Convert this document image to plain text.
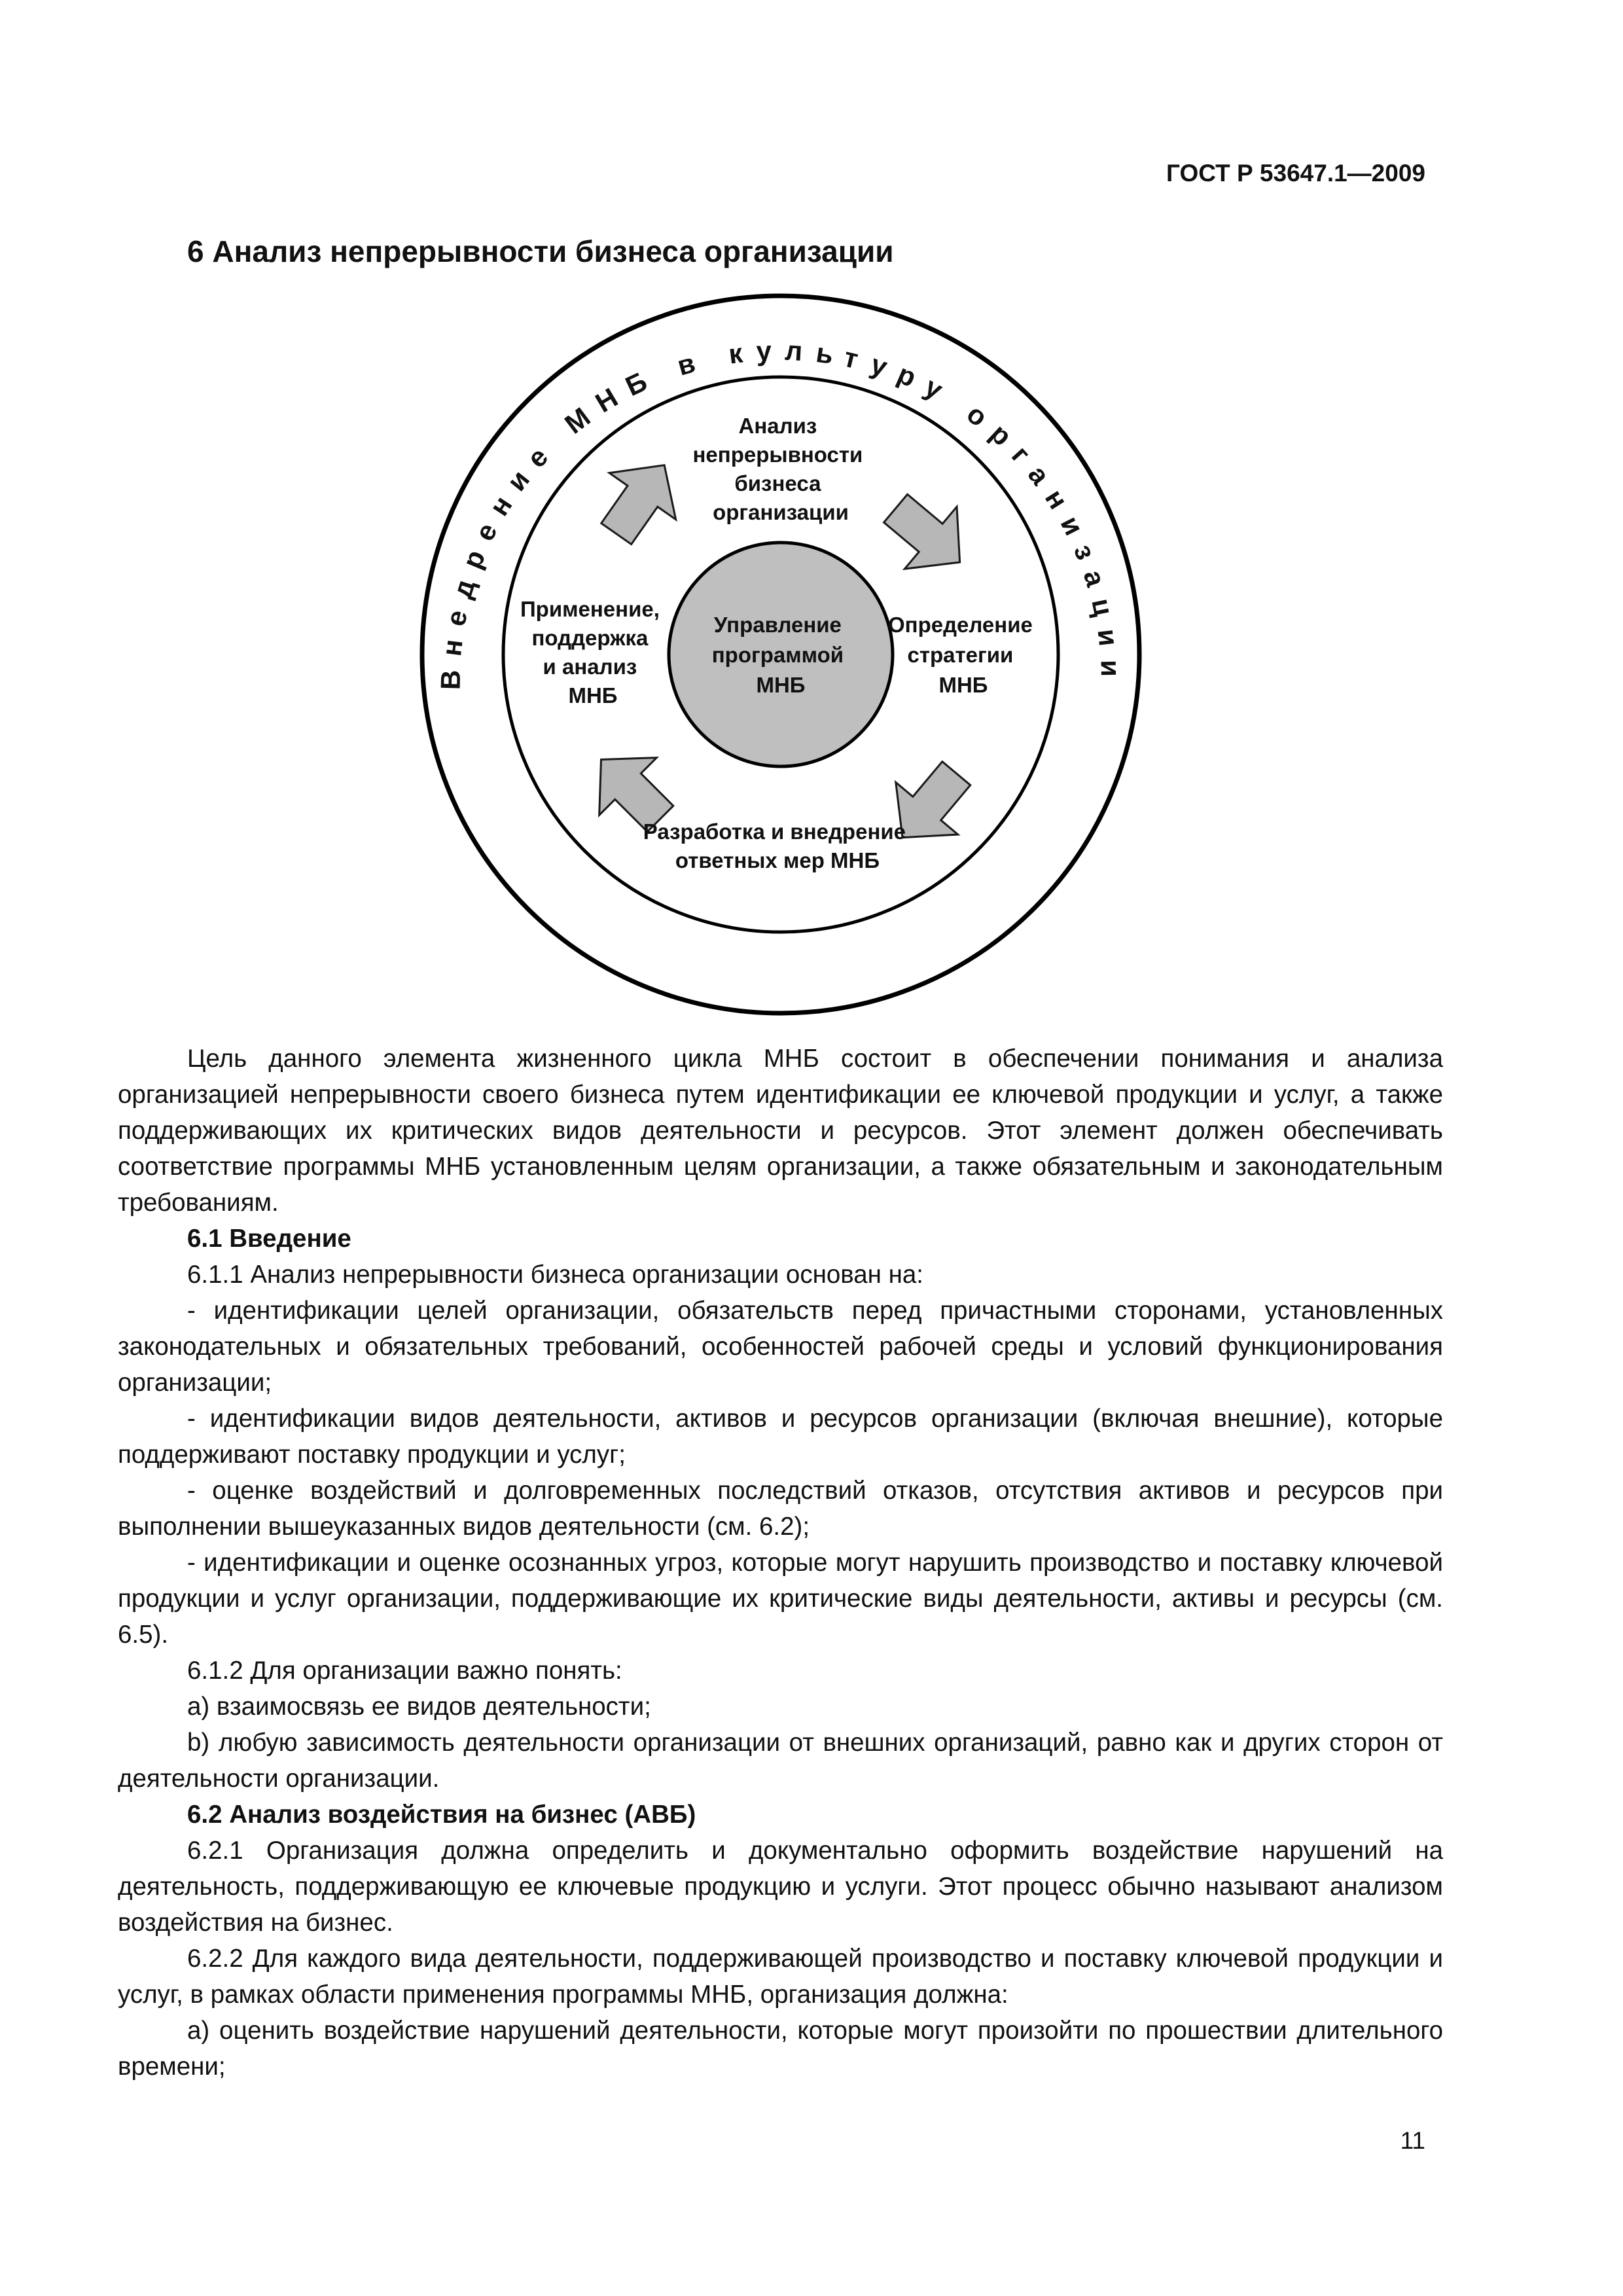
ГОСТ Р 53647.1—2009
6 Анализ непрерывности бизнеса организации
Внедрение МНБ в культуру организации
Управление программой МНБ
Анализ непрерывности бизнеса организации
Определение стратегии МНБ
Разработка и внедрение ответных мер МНБ
Применение, поддержка и анализ МНБ

Цель данного элемента жизненного цикла МНБ состоит в обеспечении понимания и анализа организацией непрерывности своего бизнеса путем идентификации ее ключевой продукции и услуг, а также поддерживающих их критических видов деятельности и ресурсов. Этот элемент должен обеспечивать соответствие программы МНБ установленным целям организации, а также обязательным и законодательным требованиям.

6.1 Введение

6.1.1 Анализ непрерывности бизнеса организации основан на:

- идентификации целей организации, обязательств перед причастными сторонами, установленных законодательных и обязательных требований, особенностей рабочей среды и условий функционирования организации;

- идентификации видов деятельности, активов и ресурсов организации (включая внешние), которые поддерживают поставку продукции и услуг;

- оценке воздействий и долговременных последствий отказов, отсутствия активов и ресурсов при выполнении вышеуказанных видов деятельности (см. 6.2);

- идентификации и оценке осознанных угроз, которые могут нарушить производство и поставку ключевой продукции и услуг организации, поддерживающие их критические виды деятельности, активы и ресурсы (см. 6.5).

6.1.2 Для организации важно понять:

a) взаимосвязь ее видов деятельности;

b) любую зависимость деятельности организации от внешних организаций, равно как и других сторон от деятельности организации.

6.2 Анализ воздействия на бизнес (АВБ)

6.2.1 Организация должна определить и документально оформить воздействие нарушений на деятельность, поддерживающую ее ключевые продукцию и услуги. Этот процесс обычно называют анализом воздействия на бизнес.

6.2.2 Для каждого вида деятельности, поддерживающей производство и поставку ключевой продукции и услуг, в рамках области применения программы МНБ, организация должна:

a) оценить воздействие нарушений деятельности, которые могут произойти по прошествии длительного времени;

11
